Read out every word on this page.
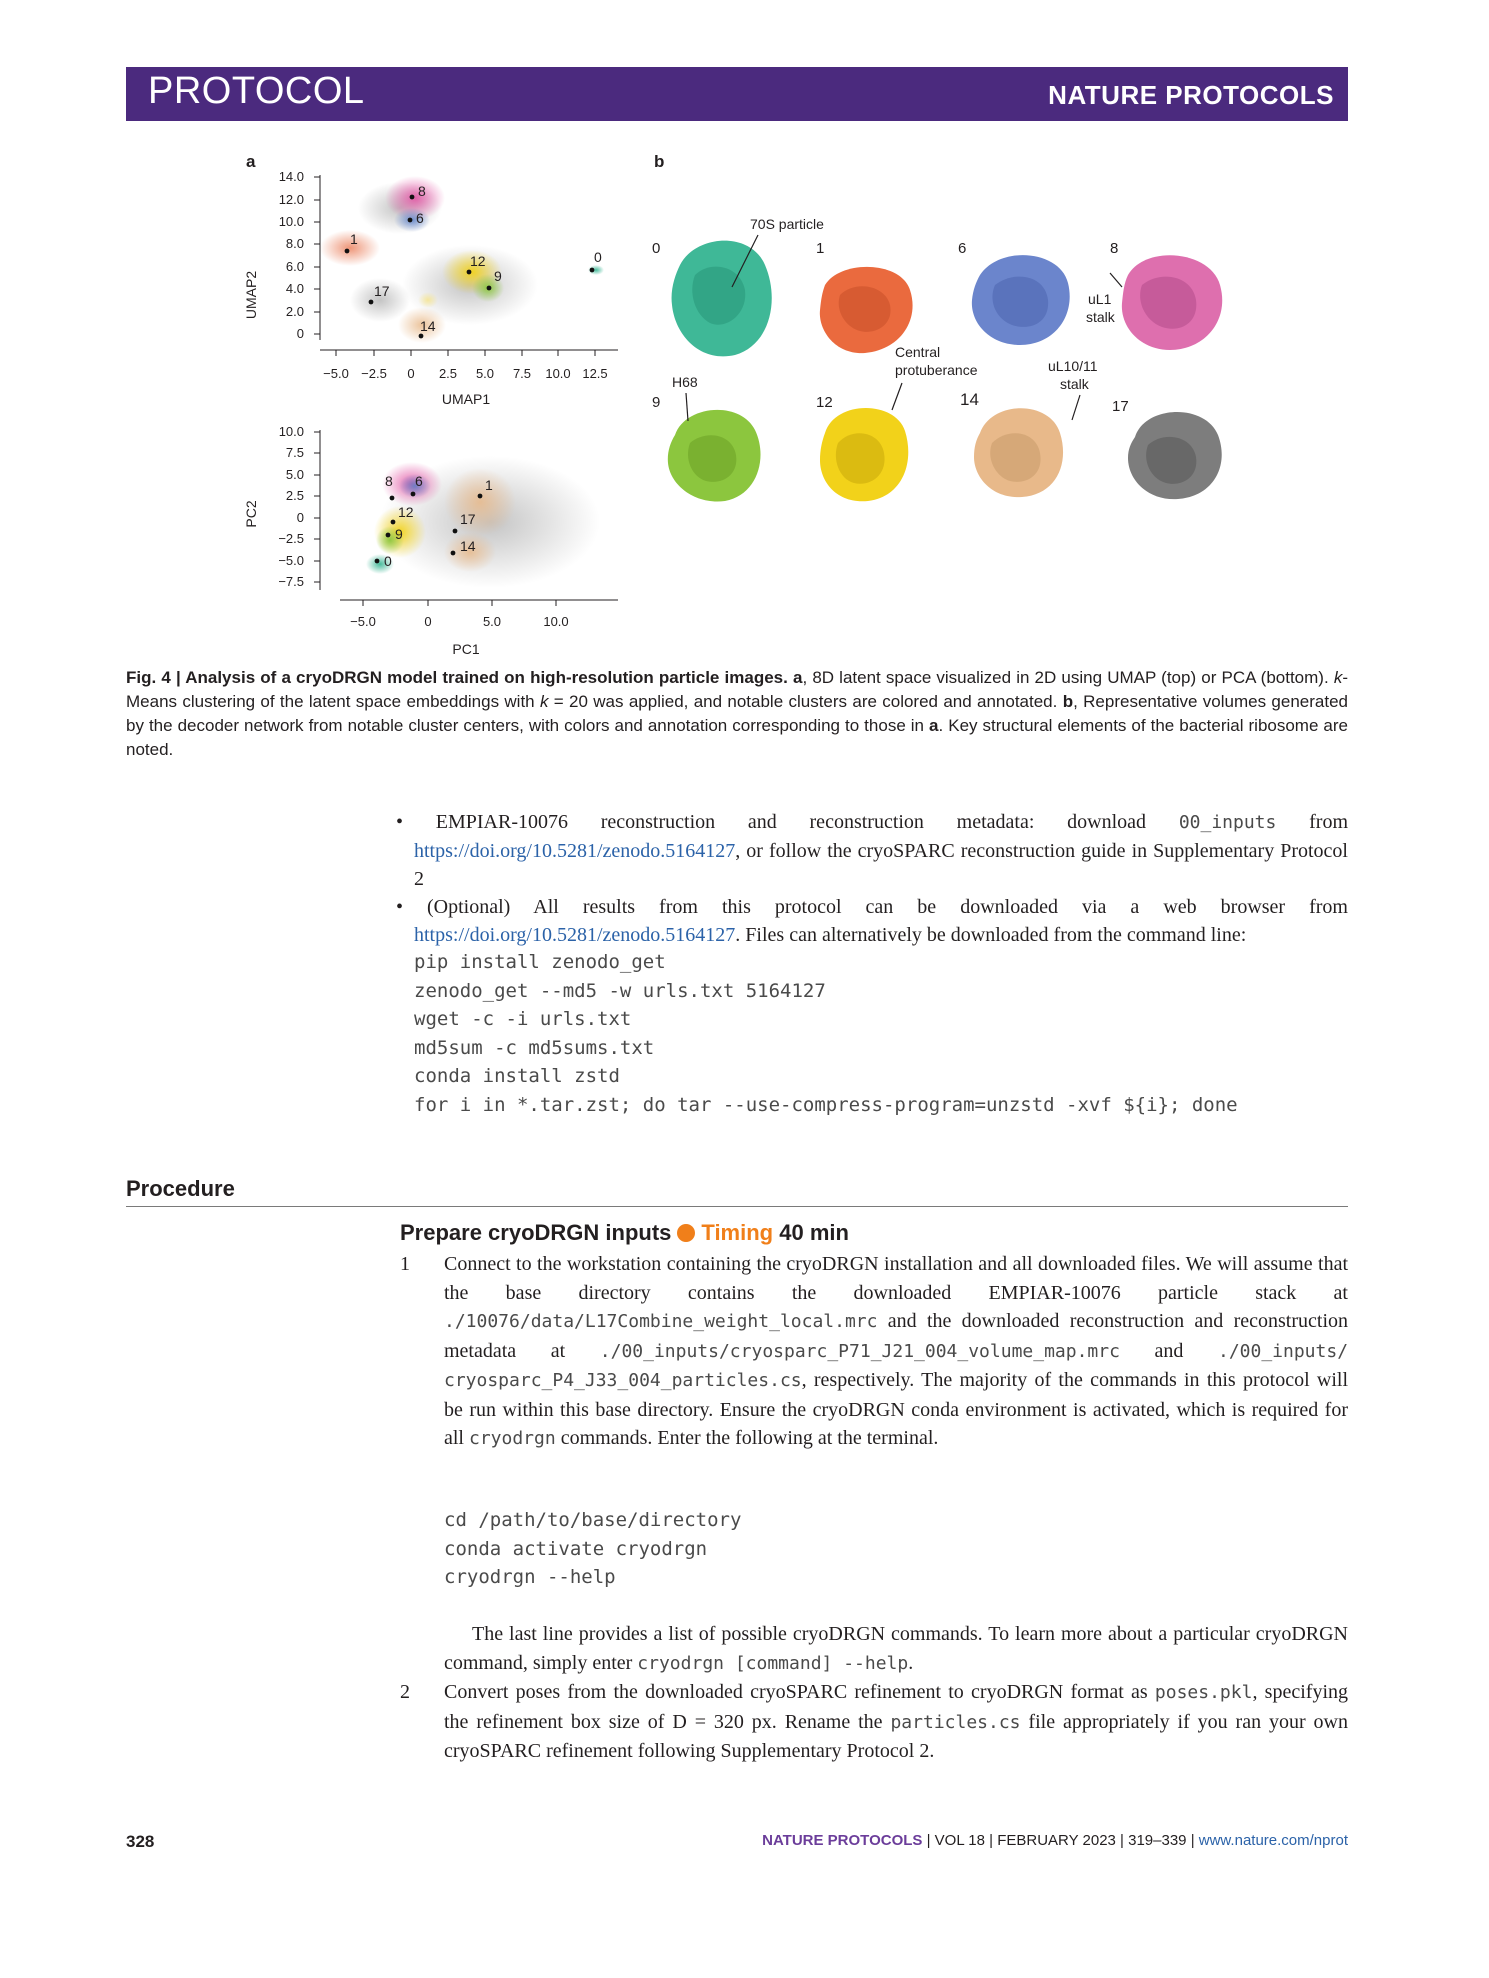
PROTOCOL	NATURE PROTOCOLS
a	b
UMAP2
14.0
12.0
10.0
8.0
6.0
4.0
2.0
0
−5.0 −2.5 0 2.5 5.0 7.5 10.0 12.5
UMAP1
8
6
1
12
9
17
14
0
PC2
10.0
7.5
5.0
2.5
0
−2.5
−5.0
−7.5
−5.0	0	5.0	10.0
PC1
8 6	1
12	17
9
14
0
0	1	6	8
9	12	14	17
70S particle
uL1
stalk
Central
protuberance	uL10/11
stalk
H68
Fig. 4 | Analysis of a cryoDRGN model trained on high-resolution particle images. a, 8D latent space visualized in 2D using UMAP (top) or PCA (bottom). k-Means clustering of the latent space embeddings with k = 20 was applied, and notable clusters are colored and annotated. b, Representative volumes generated by the decoder network from notable cluster centers, with colors and annotation corresponding to those in a. Key structural elements of the bacterial ribosome are noted.

• EMPIAR-10076 reconstruction and reconstruction metadata: download 00_inputs from https://doi.org/10.5281/zenodo.5164127, or follow the cryoSPARC reconstruction guide in Supplementary Protocol 2

• (Optional) All results from this protocol can be downloaded via a web browser from https://doi.org/10.5281/zenodo.5164127. Files can alternatively be downloaded from the command line:

pip install zenodo_get
zenodo_get --md5 -w urls.txt 5164127
wget -c -i urls.txt
md5sum -c md5sums.txt
conda install zstd
for i in *.tar.zst; do tar --use-compress-program=unzstd -xvf ${i}; done
Procedure
Prepare cryoDRGN inputs Timing 40 min
1 Connect to the workstation containing the cryoDRGN installation and all downloaded files. We will assume that the base directory contains the downloaded EMPIAR-10076 particle stack at ./10076/data/L17Combine_weight_local.mrc and the downloaded reconstruction and reconstruction metadata at ./00_inputs/cryosparc_P71_J21_004_volume_map.mrc and ./00_inputs/ cryosparc_P4_J33_004_particles.cs, respectively. The majority of the commands in this protocol will be run within this base directory. Ensure the cryoDRGN conda environment is activated, which is required for all cryodrgn commands. Enter the following at the terminal.
cd /path/to/base/directory
conda activate cryodrgn
cryodrgn --help
The last line provides a list of possible cryoDRGN commands. To learn more about a particular cryoDRGN command, simply enter cryodrgn [command] --help.
2 Convert poses from the downloaded cryoSPARC refinement to cryoDRGN format as poses.pkl, specifying the refinement box size of D = 320 px. Rename the particles.cs file appropriately if you ran your own cryoSPARC refinement following Supplementary Protocol 2.
328	NATURE PROTOCOLS | VOL 18 | FEBRUARY 2023 | 319–339 | www.nature.com/nprot
